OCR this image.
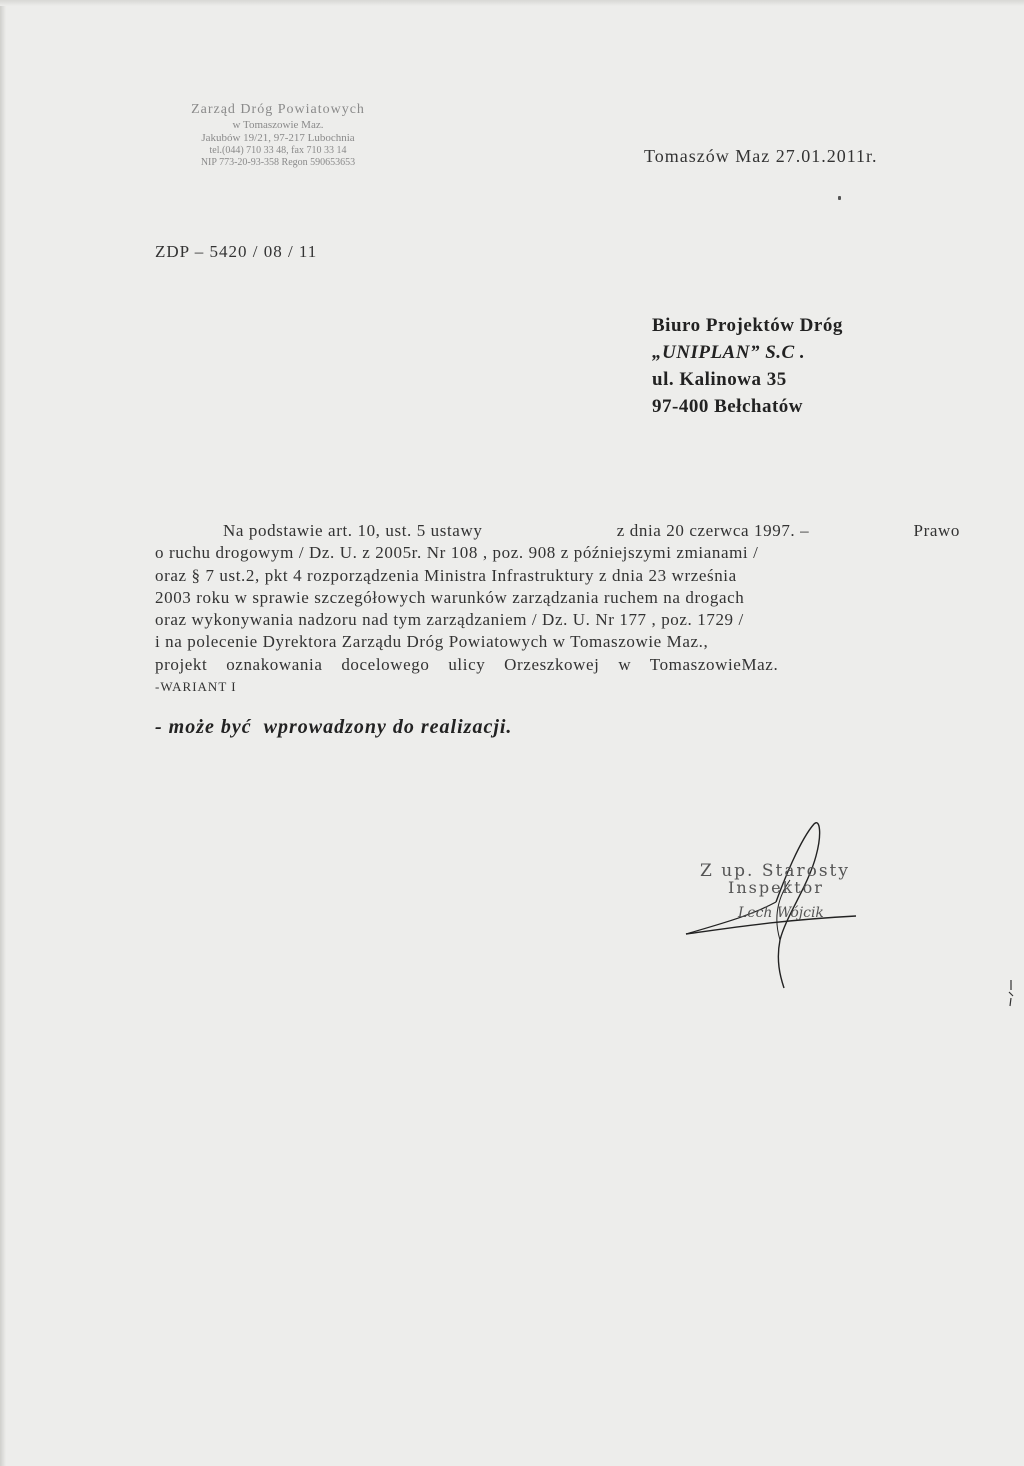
Zarząd Dróg Powiatowych
w Tomaszowie Maz.
Jakubów 19/21, 97-217 Lubochnia
tel.(044) 710 33 48, fax 710 33 14
NIP 773-20-93-358 Regon 590653653	Tomaszów Maz 27.01.2011r.
ZDP – 5420 / 08 / 11
Biuro Projektów Dróg
„UNIPLAN” S.C .
ul. Kalinowa 35
97-400 Bełchatów
Na podstawie art. 10, ust. 5 ustawy	z dnia 20 czerwca 1997. –	Prawo
o ruchu drogowym / Dz. U. z 2005r. Nr 108 , poz. 908 z późniejszymi zmianami /
oraz § 7 ust.2, pkt 4 rozporządzenia Ministra Infrastruktury z dnia 23 września
2003 roku w sprawie szczegółowych warunków zarządzania ruchem na drogach
oraz wykonywania nadzoru nad tym zarządzaniem / Dz. U. Nr 177 , poz. 1729 /
i na polecenie Dyrektora Zarządu Dróg Powiatowych w Tomaszowie Maz.,
projekt oznakowania docelowego ulicy Orzeszkowej w TomaszowieMaz.
-WARIANT I
- może być wprowadzony do realizacji.
Z up. Starosty
Inspektor
Lech Wójcik
